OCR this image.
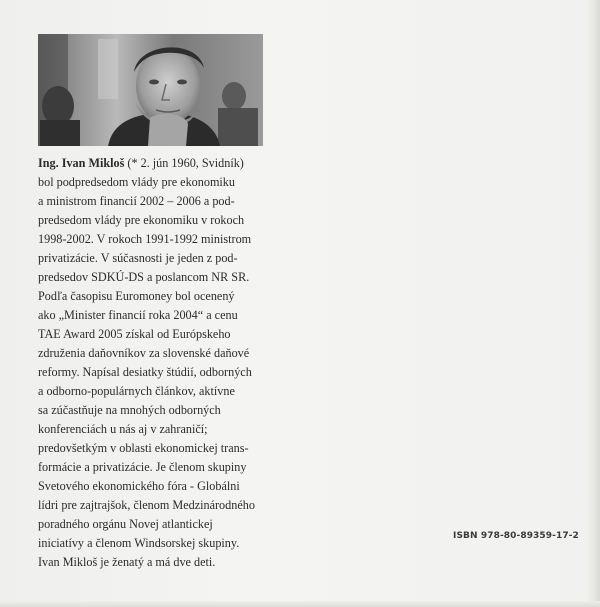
Ing. Ivan Mikloš (* 2. jún 1960, Svidník)
bol podpredsedom vlády pre ekonomiku
a ministrom financií 2002 – 2006 a pod-
predsedom vlády pre ekonomiku v rokoch
1998-2002. V rokoch 1991-1992 ministrom
privatizácie. V súčasnosti je jeden z pod-
predsedov SDKÚ-DS a poslancom NR SR.
Podľa časopisu Euromoney bol ocenený
ako „Minister financií roka 2004“ a cenu
TAE Award 2005 získal od Európskeho
združenia daňovníkov za slovenské daňové
reformy. Napísal desiatky štúdií, odborných
a odborno-populárnych článkov, aktívne
sa zúčastňuje na mnohých odborných
konferenciách u nás aj v zahraničí;
predovšetkým v oblasti ekonomickej trans-
formácie a privatizácie. Je členom skupiny
Svetového ekonomického fóra - Globálni
lídri pre zajtrajšok, členom Medzinárodného
poradného orgánu Novej atlantickej
iniciatívy a členom Windsorskej skupiny.
Ivan Mikloš je ženatý a má dve deti.

ISBN 978-80-89359-17-2
